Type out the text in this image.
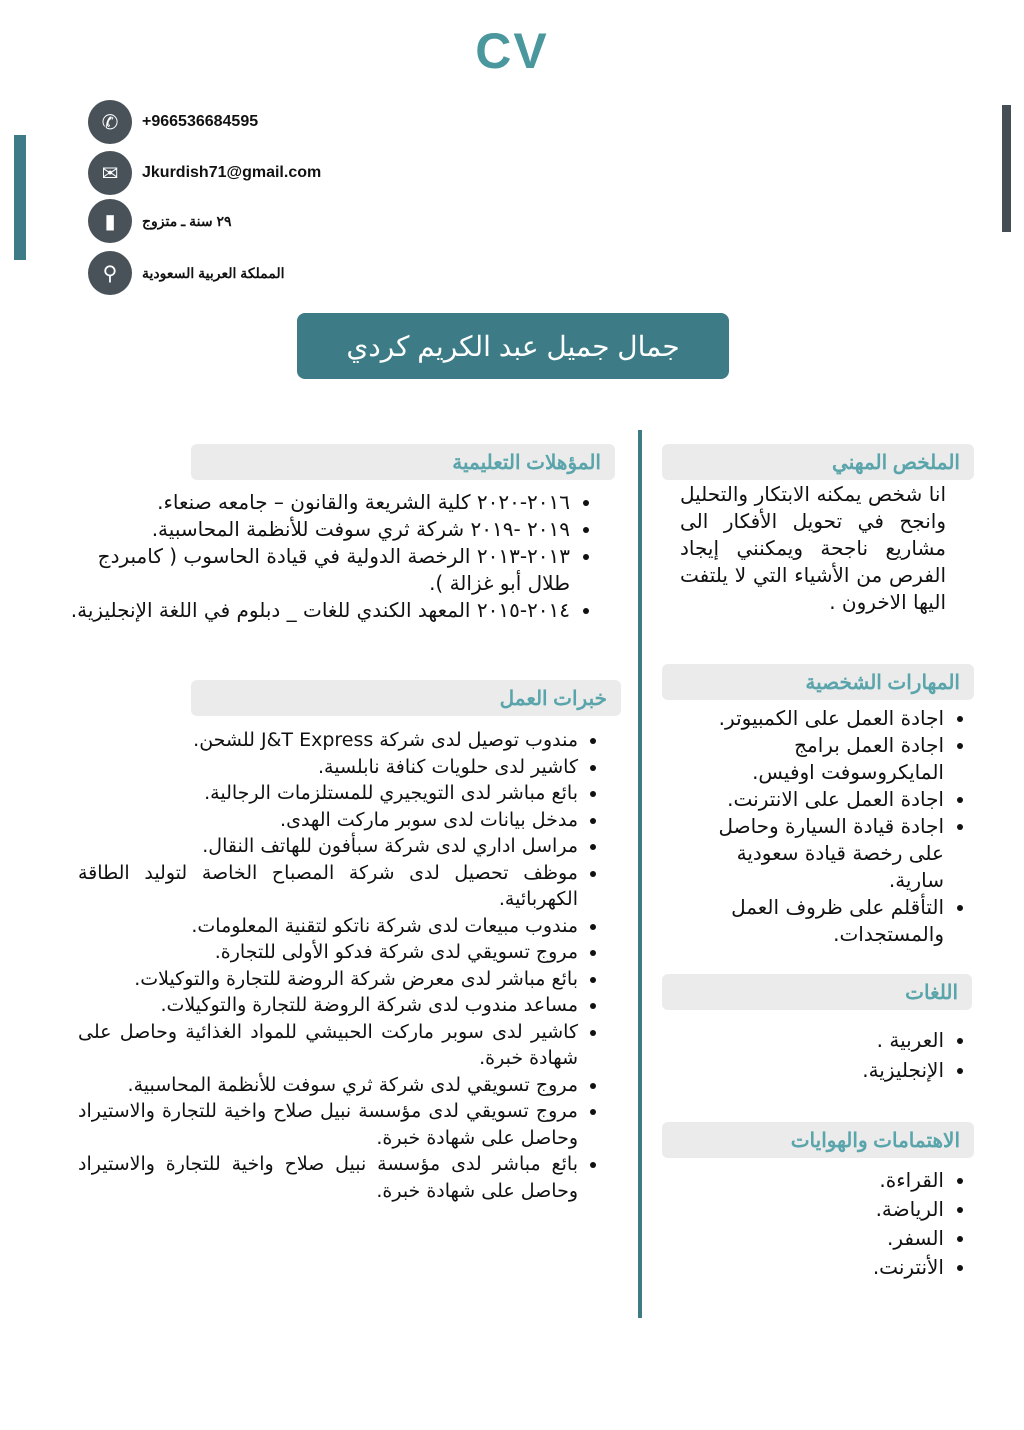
CV
✆	+966536684595
✉	Jkurdish71@gmail.com
▮	٢٩ سنة ـ متزوج
⚲	المملكة العربية السعودية
جمال جميل عبد الكريم كردي
الملخص المهني
انا شخص يمكنه الابتكار والتحليل وانجح في تحويل الأفكار الى مشاريع ناجحة ويمكنني إيجاد الفرص من الأشياء التي لا يلتفت اليها الاخرون .
المهارات الشخصية
• اجادة العمل على الكمبيوتر.
• اجادة العمل برامج المايكروسوفت اوفيس.
• اجادة العمل على الانترنت.
• اجادة قيادة السيارة وحاصل على رخصة قيادة سعودية سارية.
• التأقلم على ظروف العمل والمستجدات.
اللغات
• العربية .
• الإنجليزية.
الاهتمامات والهوايات
• القراءة.
• الرياضة.
• السفر.
• الأنترنت.
المؤهلات التعليمية
• ٢٠١٦-٢٠٢٠ كلية الشريعة والقانون – جامعه صنعاء.
• ٢٠١٩ -٢٠١٩ شركة ثري سوفت للأنظمة المحاسبية.
• ٢٠١٣-٢٠١٣ الرخصة الدولية في قيادة الحاسوب ( كامبردج طلال أبو غزالة ).
• ٢٠١٤-٢٠١٥ المعهد الكندي للغات _ دبلوم في اللغة الإنجليزية.
خبرات العمل
• مندوب توصيل لدى شركة J&T Express للشحن.
• كاشير لدى حلويات كنافة نابلسية.
• بائع مباشر لدى التويجيري للمستلزمات الرجالية.
• مدخل بيانات لدى سوبر ماركت الهدى.
• مراسل اداري لدى شركة سبأفون للهاتف النقال.
• موظف تحصيل لدى شركة المصباح الخاصة لتوليد الطاقة الكهربائية.
• مندوب مبيعات لدى شركة ناتكو لتقنية المعلومات.
• مروج تسويقي لدى شركة فدكو الأولى للتجارة.
• بائع مباشر لدى معرض شركة الروضة للتجارة والتوكيلات.
• مساعد مندوب لدى شركة الروضة للتجارة والتوكيلات.
• كاشير لدى سوبر ماركت الحبيشي للمواد الغذائية وحاصل على شهادة خبرة.
• مروج تسويقي لدى شركة ثري سوفت للأنظمة المحاسبية.
• مروج تسويقي لدى مؤسسة نبيل صلاح واخية للتجارة والاستيراد وحاصل على شهادة خبرة.
• بائع مباشر لدى مؤسسة نبيل صلاح واخية للتجارة والاستيراد وحاصل على شهادة خبرة.
